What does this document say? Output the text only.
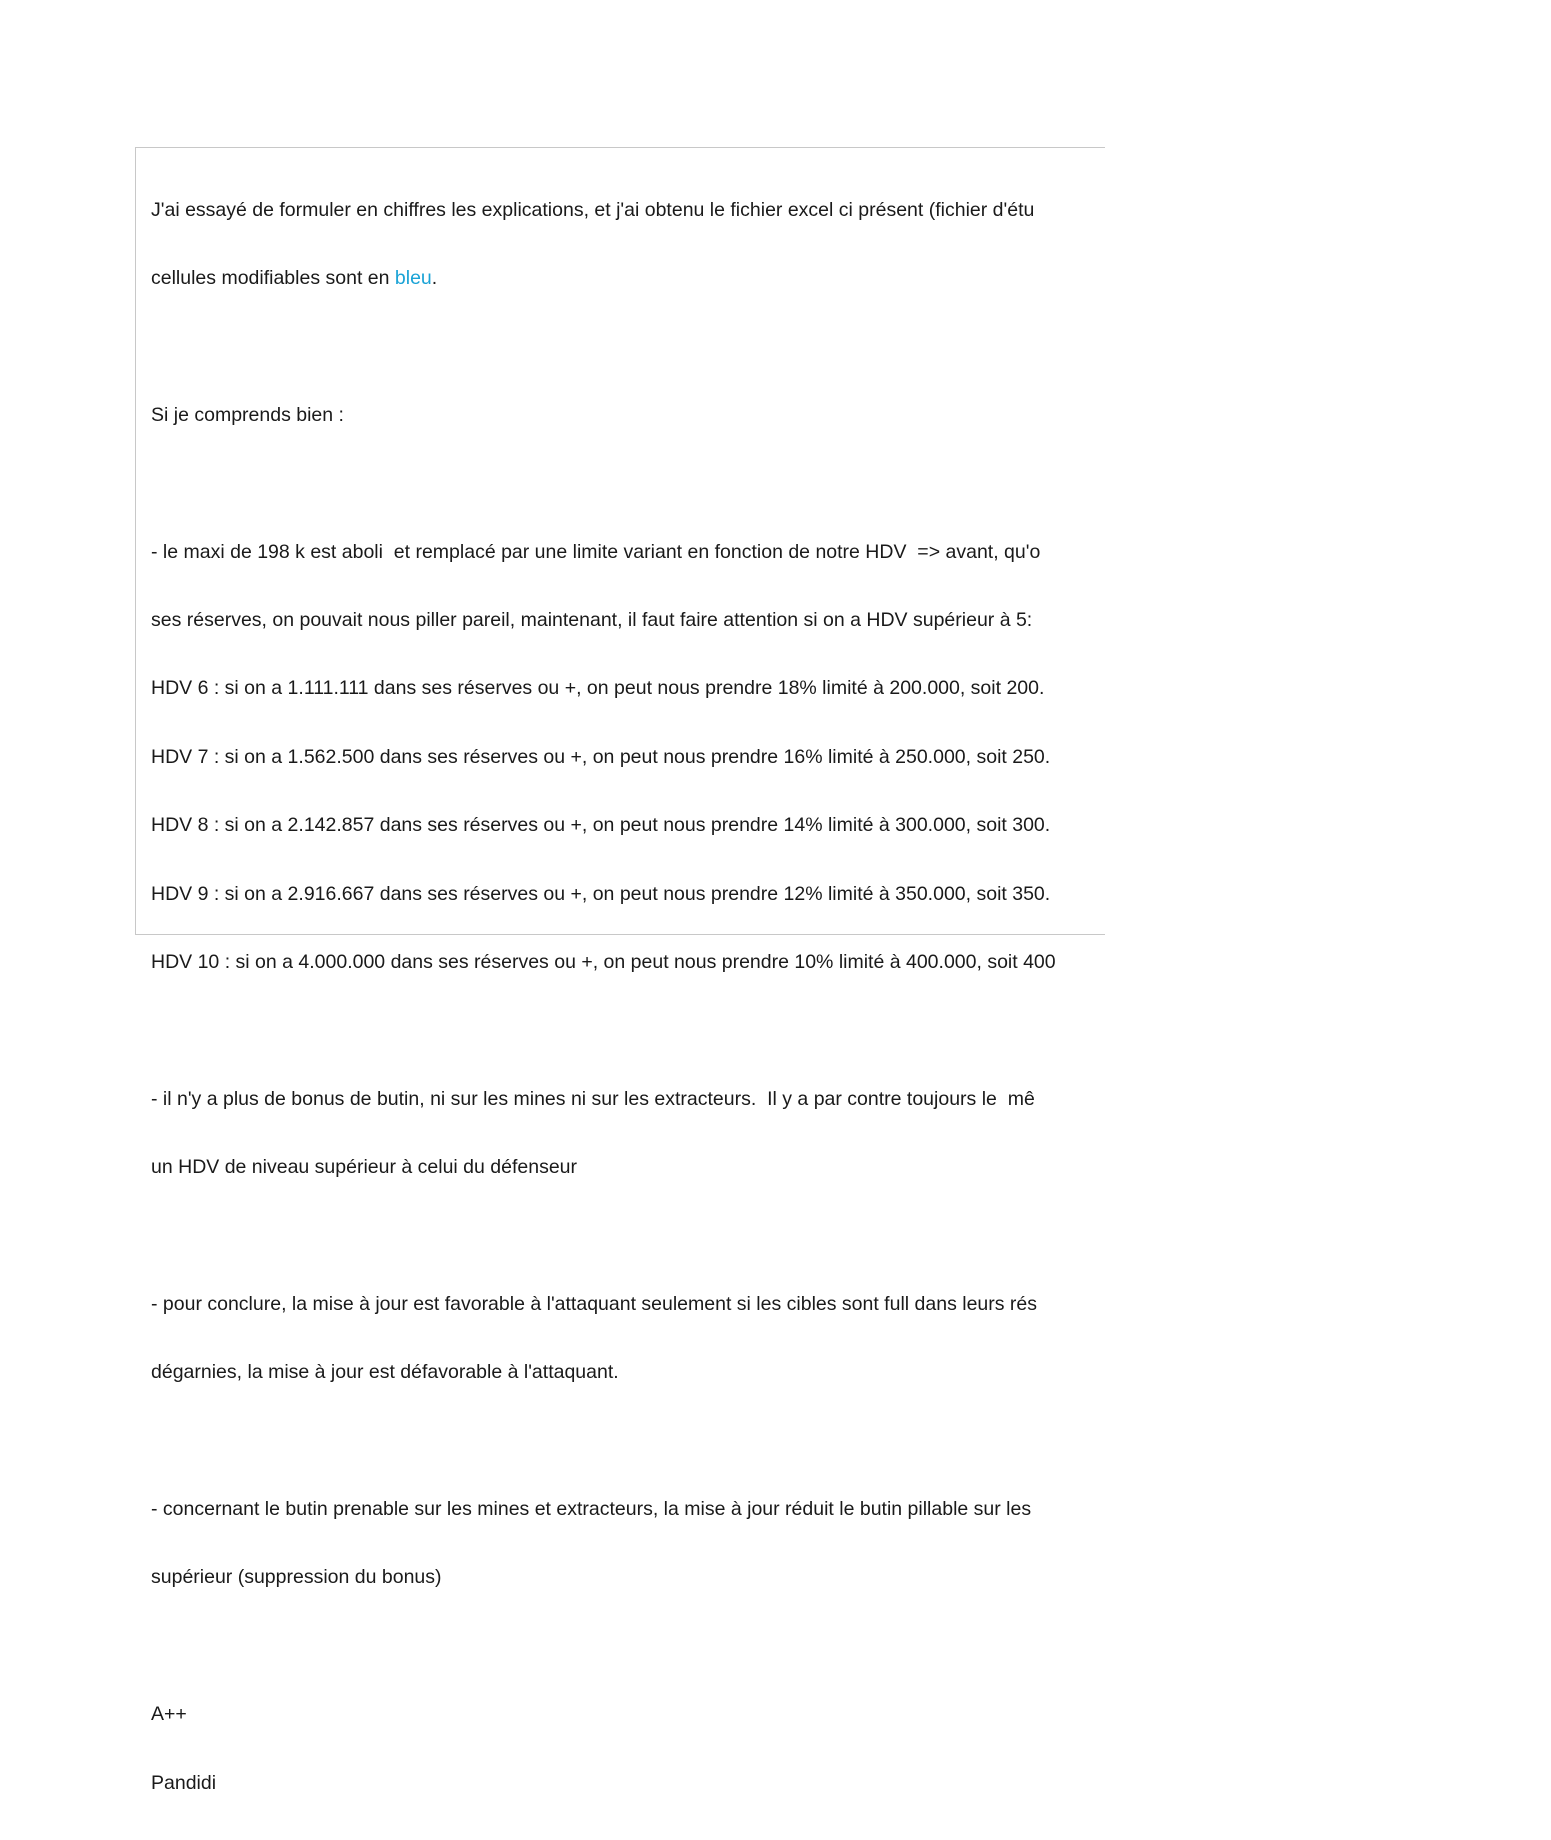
J'ai essayé de formuler en chiffres les explications, et j'ai obtenu le fichier excel ci présent (fichier d'étu

cellules modifiables sont en bleu.

Si je comprends bien :

- le maxi de 198 k est aboli  et remplacé par une limite variant en fonction de notre HDV  => avant, qu'o

ses réserves, on pouvait nous piller pareil, maintenant, il faut faire attention si on a HDV supérieur à 5:

HDV 6 : si on a 1.111.111 dans ses réserves ou +, on peut nous prendre 18% limité à 200.000, soit 200.

HDV 7 : si on a 1.562.500 dans ses réserves ou +, on peut nous prendre 16% limité à 250.000, soit 250.

HDV 8 : si on a 2.142.857 dans ses réserves ou +, on peut nous prendre 14% limité à 300.000, soit 300.

HDV 9 : si on a 2.916.667 dans ses réserves ou +, on peut nous prendre 12% limité à 350.000, soit 350.

HDV 10 : si on a 4.000.000 dans ses réserves ou +, on peut nous prendre 10% limité à 400.000, soit 400

- il n'y a plus de bonus de butin, ni sur les mines ni sur les extracteurs.  Il y a par contre toujours le  mê

un HDV de niveau supérieur à celui du défenseur

- pour conclure, la mise à jour est favorable à l'attaquant seulement si les cibles sont full dans leurs rés

dégarnies, la mise à jour est défavorable à l'attaquant.

- concernant le butin prenable sur les mines et extracteurs, la mise à jour réduit le butin pillable sur les

supérieur (suppression du bonus)

A++

Pandidi
